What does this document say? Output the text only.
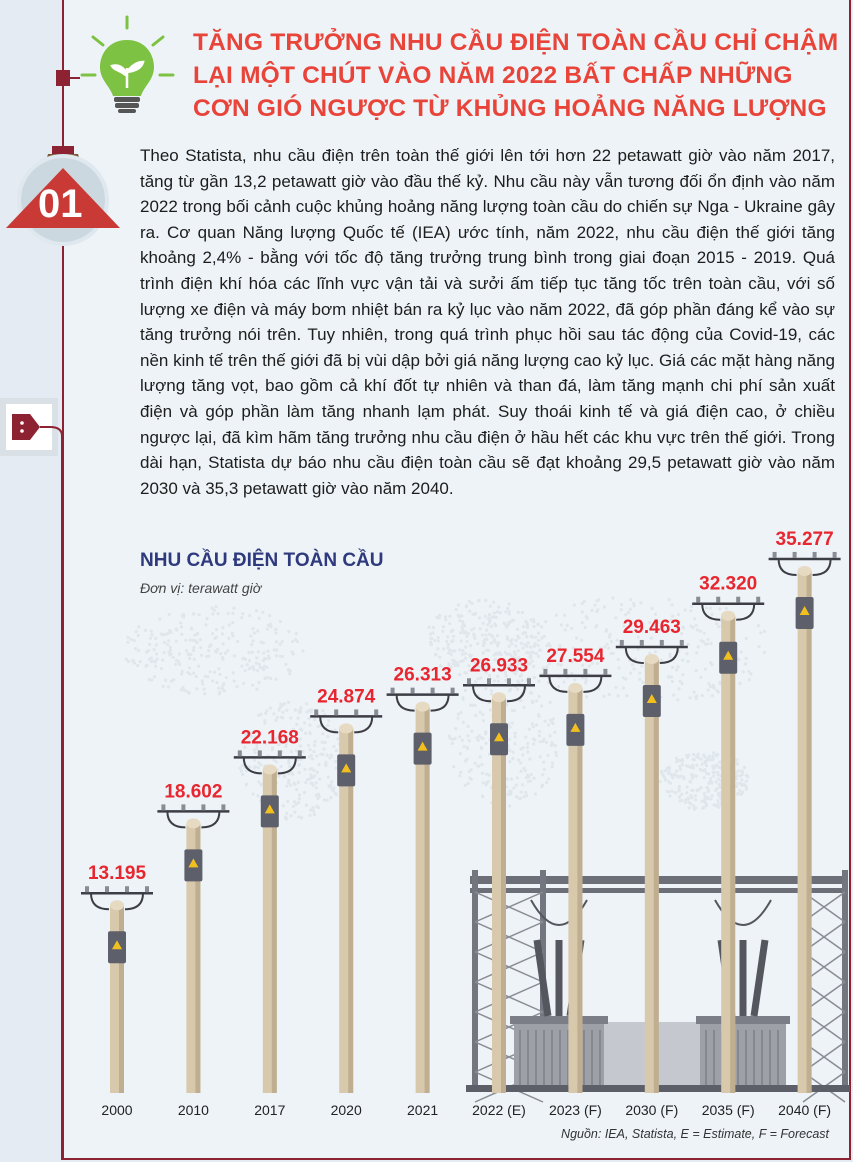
01

TĂNG TRƯỞNG NHU CẦU ĐIỆN TOÀN CẦU CHỈ CHẬM LẠI MỘT CHÚT VÀO NĂM 2022 BẤT CHẤP NHỮNG CƠN GIÓ NGƯỢC TỪ KHỦNG HOẢNG NĂNG LƯỢNG

Theo Statista, nhu cầu điện trên toàn thế giới lên tới hơn 22 petawatt giờ vào năm 2017, tăng từ gần 13,2 petawatt giờ vào đầu thế kỷ. Nhu cầu này vẫn tương đối ổn định vào năm 2022 trong bối cảnh cuộc khủng hoảng năng lượng toàn cầu do chiến sự Nga - Ukraine gây ra. Cơ quan Năng lượng Quốc tế (IEA) ước tính, năm 2022, nhu cầu điện thế giới tăng khoảng 2,4% - bằng với tốc độ tăng trưởng trung bình trong giai đoạn 2015 - 2019. Quá trình điện khí hóa các lĩnh vực vận tải và sưởi ấm tiếp tục tăng tốc trên toàn cầu, với số lượng xe điện và máy bơm nhiệt bán ra kỷ lục vào năm 2022, đã góp phần đáng kể vào sự tăng trưởng nói trên. Tuy nhiên, trong quá trình phục hồi sau tác động của Covid-19, các nền kinh tế trên thế giới đã bị vùi dập bởi giá năng lượng cao kỷ lục. Giá các mặt hàng năng lượng tăng vọt, bao gồm cả khí đốt tự nhiên và than đá, làm tăng mạnh chi phí sản xuất điện và góp phần làm tăng nhanh lạm phát. Suy thoái kinh tế và giá điện cao, ở chiều ngược lại, đã kìm hãm tăng trưởng nhu cầu điện ở hầu hết các khu vực trên thế giới. Trong dài hạn, Statista dự báo nhu cầu điện toàn cầu sẽ đạt khoảng 29,5 petawatt giờ vào năm 2030 và 35,3 petawatt giờ vào năm 2040.

13.195
18.602
22.168
24.874
26.313 26.933 27.554
29.463
32.320
35.277
2000	2010	2017	2020	2021 2022 (E) 2023 (F) 2030 (F) 2035 (F) 2040 (F)

NHU CẦU ĐIỆN TOÀN CẦU

Đơn vị: terawatt giờ

Nguồn: IEA, Statista, E = Estimate, F = Forecast
